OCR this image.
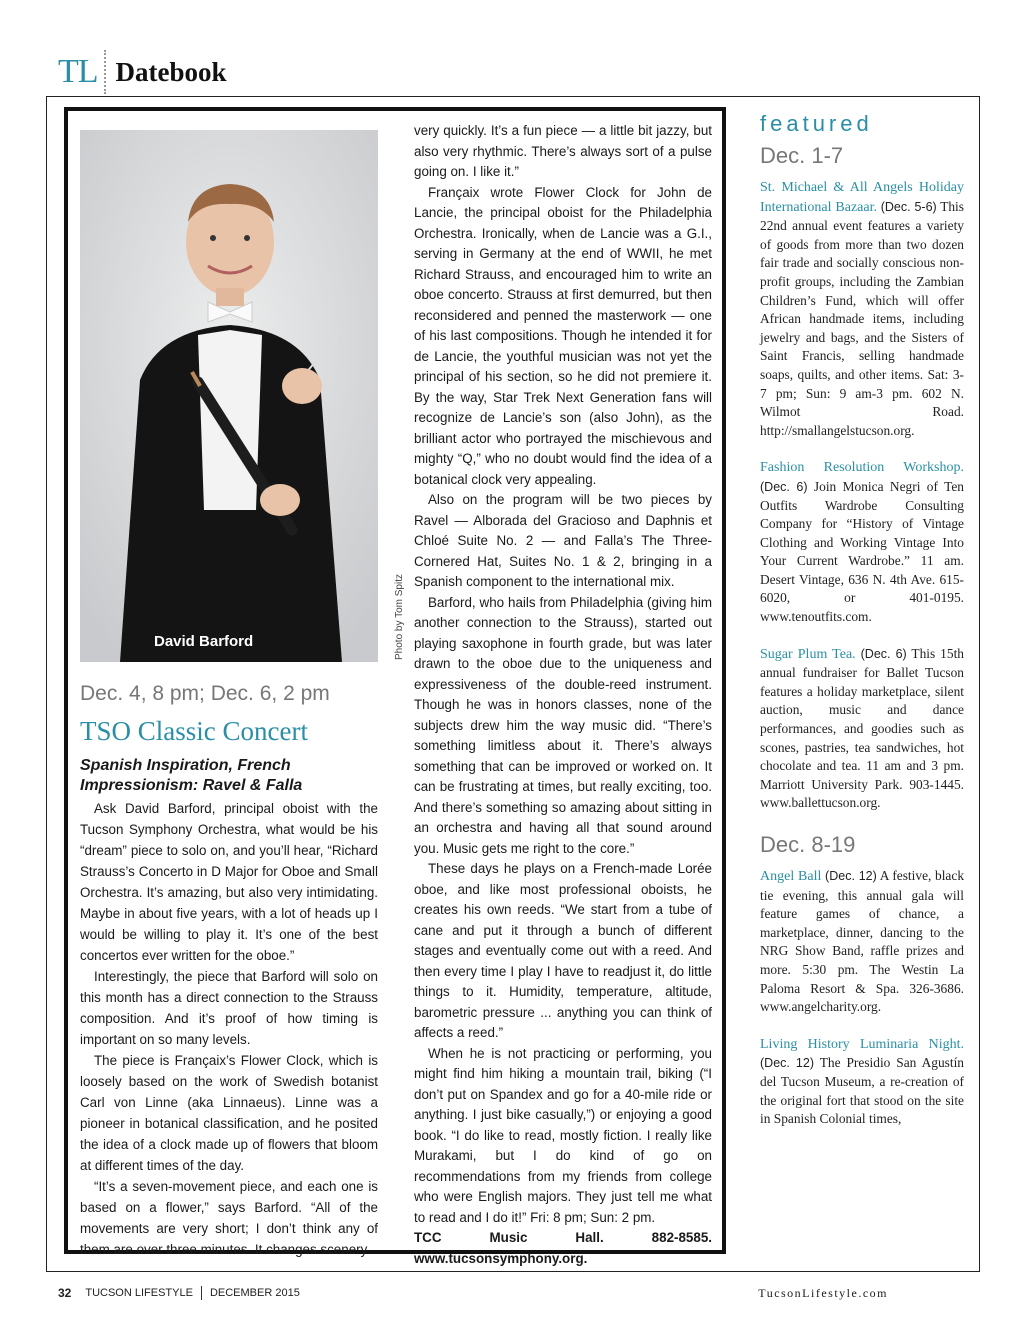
TL Datebook
David Barford	Photo by Tom Spitz

Dec. 4, 8 pm; Dec. 6, 2 pm

TSO Classic Concert
Spanish Inspiration, French Impressionism: Ravel & Falla

Ask David Barford, principal oboist with the Tucson Symphony Orchestra, what would be his “dream” piece to solo on, and you’ll hear, “Richard Strauss’s Concerto in D Major for Oboe and Small Orchestra. It’s amazing, but also very intimidating. Maybe in about five years, with a lot of heads up I would be willing to play it. It’s one of the best concertos ever written for the oboe.”

Interestingly, the piece that Barford will solo on this month has a direct connection to the Strauss composition. And it’s proof of how timing is important on so many levels.

The piece is Françaix’s Flower Clock, which is loosely based on the work of Swedish botanist Carl von Linne (aka Linnaeus). Linne was a pioneer in botanical classification, and he posited the idea of a clock made up of flowers that bloom at different times of the day.

“It’s a seven-movement piece, and each one is based on a flower,” says Barford. “All of the movements are very short; I don’t think any of them are over three minutes. It changes scenery

very quickly. It’s a fun piece — a little bit jazzy, but also very rhythmic. There’s always sort of a pulse going on. I like it.”

Françaix wrote Flower Clock for John de Lancie, the principal oboist for the Philadelphia Orchestra. Ironically, when de Lancie was a G.I., serving in Germany at the end of WWII, he met Richard Strauss, and encouraged him to write an oboe concerto. Strauss at first demurred, but then reconsidered and penned the masterwork — one of his last compositions. Though he intended it for de Lancie, the youthful musician was not yet the principal of his section, so he did not premiere it. By the way, Star Trek Next Generation fans will recognize de Lancie’s son (also John), as the brilliant actor who portrayed the mischievous and mighty “Q,” who no doubt would find the idea of a botanical clock very appealing.

Also on the program will be two pieces by Ravel — Alborada del Gracioso and Daphnis et Chloé Suite No. 2 — and Falla’s The Three-Cornered Hat, Suites No. 1 & 2, bringing in a Spanish component to the international mix.

Barford, who hails from Philadelphia (giving him another connection to the Strauss), started out playing saxophone in fourth grade, but was later drawn to the oboe due to the uniqueness and expressiveness of the double-reed instrument. Though he was in honors classes, none of the subjects drew him the way music did. “There’s something limitless about it. There’s always something that can be improved or worked on. It can be frustrating at times, but really exciting, too. And there’s something so amazing about sitting in an orchestra and having all that sound around you. Music gets me right to the core.”

These days he plays on a French-made Lorée oboe, and like most professional oboists, he creates his own reeds. “We start from a tube of cane and put it through a bunch of different stages and eventually come out with a reed. And then every time I play I have to readjust it, do little things to it. Humidity, temperature, altitude, barometric pressure ... anything you can think of affects a reed.”

When he is not practicing or performing, you might find him hiking a mountain trail, biking (“I don’t put on Spandex and go for a 40-mile ride or anything. I just bike casually,”) or enjoying a good book. “I do like to read, mostly fiction. I really like Murakami, but I do kind of go on recommendations from my friends from college who were English majors. They just tell me what to read and I do it!” Fri: 8 pm; Sun: 2 pm.

TCC Music Hall. 882-8585. www.tucsonsymphony.org.

featured

Dec. 1-7

St. Michael & All Angels Holiday International Bazaar. (Dec. 5-6) This 22nd annual event features a variety of goods from more than two dozen fair trade and socially conscious non-profit groups, including the Zambian Children’s Fund, which will offer African handmade items, including jewelry and bags, and the Sisters of Saint Francis, selling handmade soaps, quilts, and other items. Sat: 3-7 pm; Sun: 9 am-3 pm. 602 N. Wilmot Road. http://smallangelstucson.org.
Fashion Resolution Workshop. (Dec. 6) Join Monica Negri of Ten Outfits Wardrobe Consulting Company for “History of Vintage Clothing and Working Vintage Into Your Current Wardrobe.” 11 am. Desert Vintage, 636 N. 4th Ave. 615-6020, or 401-0195. www.tenoutfits.com.
Sugar Plum Tea. (Dec. 6) This 15th annual fundraiser for Ballet Tucson features a holiday marketplace, silent auction, music and dance performances, and goodies such as scones, pastries, tea sandwiches, hot chocolate and tea. 11 am and 3 pm. Marriott University Park. 903-1445. www.ballettucson.org.

Dec. 8-19

Angel Ball (Dec. 12) A festive, black tie evening, this annual gala will feature games of chance, a marketplace, dinner, dancing to the NRG Show Band, raffle prizes and more. 5:30 pm. The Westin La Paloma Resort & Spa. 326-3686. www.angelcharity.org.
Living History Luminaria Night. (Dec. 12) The Presidio San Agustín del Tucson Museum, a re-creation of the original fort that stood on the site in Spanish Colonial times,
32 TUCSON LIFESTYLE DECEMBER 2015	TucsonLifestyle.com
